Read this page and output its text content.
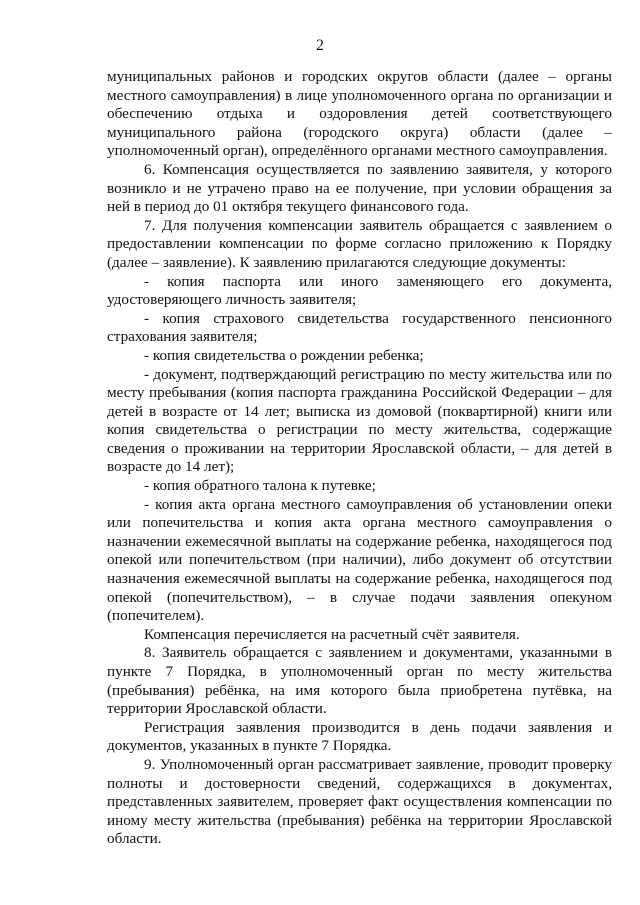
2

муниципальных районов и городских округов области (далее – органы местного самоуправления) в лице уполномоченного органа по организации и обеспечению отдыха и оздоровления детей соответствующего муниципального района (городского округа) области (далее – уполномоченный орган), определённого органами местного самоуправления.

6. Компенсация осуществляется по заявлению заявителя, у которого возникло и не утрачено право на ее получение, при условии обращения за ней в период до 01 октября текущего финансового года.

7. Для получения компенсации заявитель обращается с заявлением о предоставлении компенсации по форме согласно приложению к Порядку (далее – заявление). К заявлению прилагаются следующие документы:

- копия паспорта или иного заменяющего его документа, удостоверяющего личность заявителя;

- копия страхового свидетельства государственного пенсионного страхования заявителя;

- копия свидетельства о рождении ребенка;

- документ, подтверждающий регистрацию по месту жительства или по месту пребывания (копия паспорта гражданина Российской Федерации – для детей в возрасте от 14 лет; выписка из домовой (поквартирной) книги или копия свидетельства о регистрации по месту жительства, содержащие сведения о проживании на территории Ярославской области, – для детей в возрасте до 14 лет);

- копия обратного талона к путевке;

- копия акта органа местного самоуправления об установлении опеки или попечительства и копия акта органа местного самоуправления о назначении ежемесячной выплаты на содержание ребенка, находящегося под опекой или попечительством (при наличии), либо документ об отсутствии назначения ежемесячной выплаты на содержание ребенка, находящегося под опекой (попечительством), – в случае подачи заявления опекуном (попечителем).

Компенсация перечисляется на расчетный счёт заявителя.

8. Заявитель обращается с заявлением и документами, указанными в пункте 7 Порядка, в уполномоченный орган по месту жительства (пребывания) ребёнка, на имя которого была приобретена путёвка, на территории Ярославской области.

Регистрация заявления производится в день подачи заявления и документов, указанных в пункте 7 Порядка.

9. Уполномоченный орган рассматривает заявление, проводит проверку полноты и достоверности сведений, содержащихся в документах, представленных заявителем, проверяет факт осуществления компенсации по иному месту жительства (пребывания) ребёнка на территории Ярославской области.
